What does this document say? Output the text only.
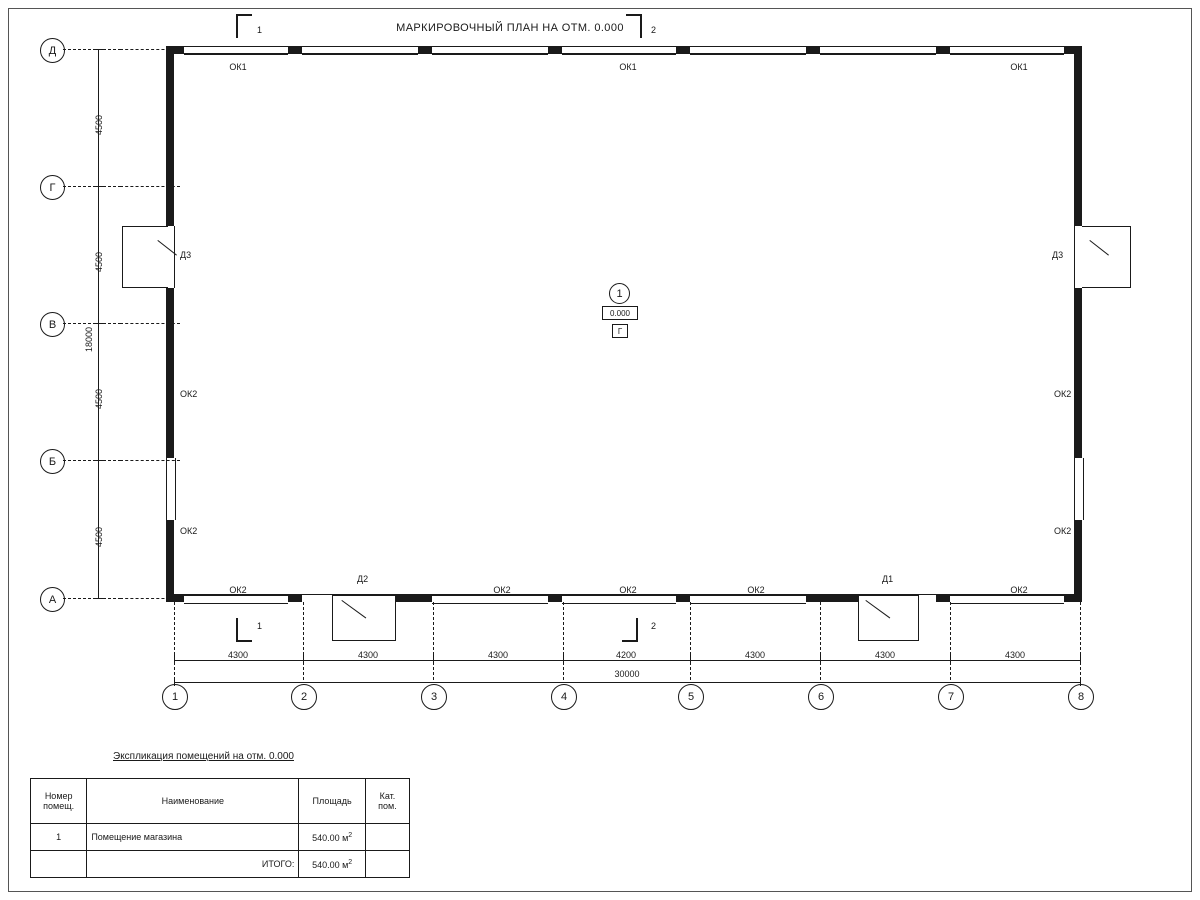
МАРКИРОВОЧНЫЙ ПЛАН НА ОТМ. 0.000
1	2
1	2
Д3	Д3
Д2	Д1
ОК1	ОК1	ОК1
ОК2	ОК2	ОК2	ОК2	ОК2
ОК2
ОК2
ОК2
ОК2
1
0.000
Г
Д
Г
В
Б
А
4500
4500
4500
4500
18000
1	2	3	4	5	6	7	8
4300	4300	4300	4200	4300	4300	4300
30000
Экспликация помещений на отм. 0.000
Номер
помещ.	Наименование	Площадь	Кат.
пом.

1	Помещение магазина	540.00 $м^2$	
	ИТОГО:	540.00 $м^2$	
